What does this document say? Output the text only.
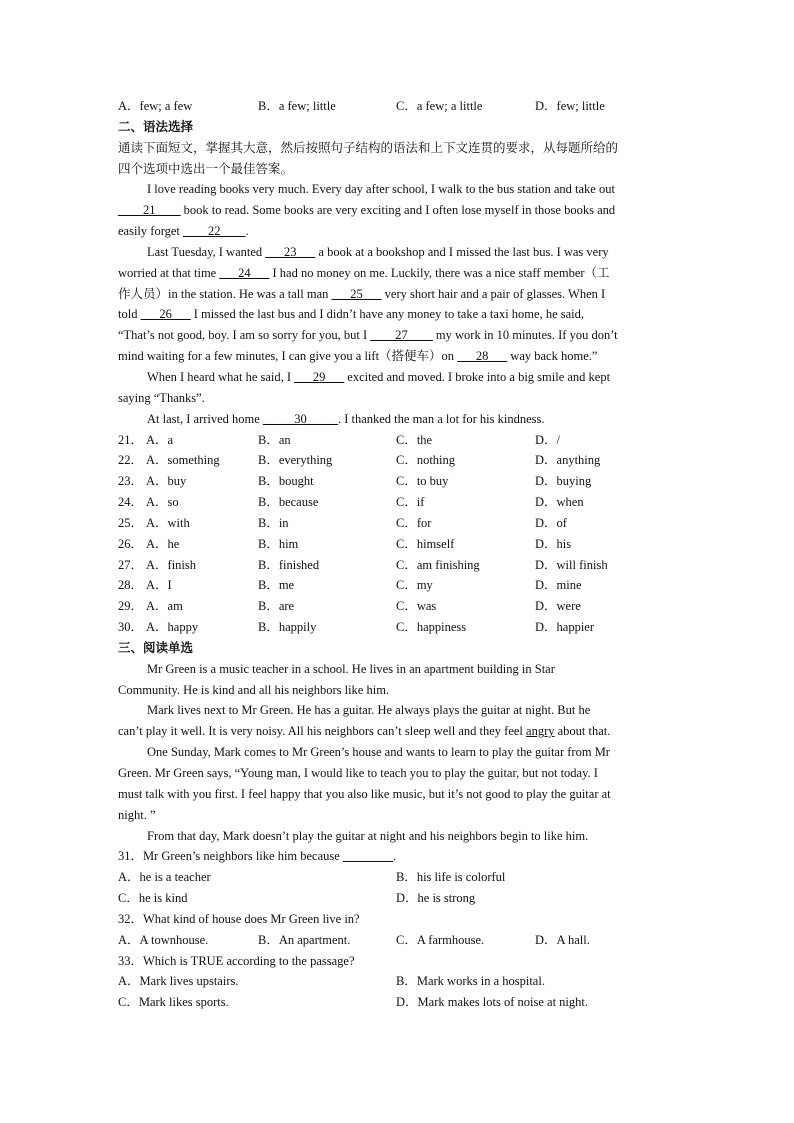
A．few; a few	B．a few; little	C．a few; a little	D．few; little
二、语法选择
通读下面短文，掌握其大意，然后按照句子结构的语法和上下文连贯的要求，从每题所给的
四个选项中选出一个最佳答案。
I love reading books very much. Every day after school, I walk to the bus station and take out
____21____ book to read. Some books are very exciting and I often lose myself in those books and
easily forget ____22____.
Last Tuesday, I wanted ___23___ a book at a bookshop and I missed the last bus. I was very
worried at that time ___24___ I had no money on me. Luckily, there was a nice staff member（工
作人员）in the station. He was a tall man ___25___ very short hair and a pair of glasses. When I
told ___26___ I missed the last bus and I didn’t have any money to take a taxi home, he said,
“That’s not good, boy. I am so sorry for you, but I ____27____ my work in 10 minutes. If you don’t
mind waiting for a few minutes, I can give you a lift（搭便车）on ___28___ way back home.”
When I heard what he said, I ___29___ excited and moved. I broke into a big smile and kept
saying “Thanks”.
At last, I arrived home _____30_____. I thanked the man a lot for his kindness.
21． A．a	B．an	C．the	D．/
22． A．something	B．everything	C．nothing	D．anything
23． A．buy	B．bought	C．to buy	D．buying
24． A．so	B．because	C．if	D．when
25． A．with	B．in	C．for	D．of
26． A．he	B．him	C．himself	D．his
27． A．finish	B．finished	C．am finishing	D．will finish
28． A．I	B．me	C．my	D．mine
29． A．am	B．are	C．was	D．were
30． A．happy	B．happily	C．happiness	D．happier
三、阅读单选
Mr Green is a music teacher in a school. He lives in an apartment building in Star
Community. He is kind and all his neighbors like him.
Mark lives next to Mr Green. He has a guitar. He always plays the guitar at night. But he
can’t play it well. It is very noisy. All his neighbors can’t sleep well and they feel angry about that.
One Sunday, Mark comes to Mr Green’s house and wants to learn to play the guitar from Mr
Green. Mr Green says, “Young man, I would like to teach you to play the guitar, but not today. I
must talk with you first. I feel happy that you also like music, but it’s not good to play the guitar at
night. ”
From that day, Mark doesn’t play the guitar at night and his neighbors begin to like him.
31．Mr Green’s neighbors like him because ________.
A．he is a teacher	B．his life is colorful
C．he is kind	D．he is strong
32．What kind of house does Mr Green live in?
A．A townhouse.	B．An apartment.	C．A farmhouse.	D．A hall.
33．Which is TRUE according to the passage?
A．Mark lives upstairs.	B．Mark works in a hospital.
C．Mark likes sports.	D．Mark makes lots of noise at night.
